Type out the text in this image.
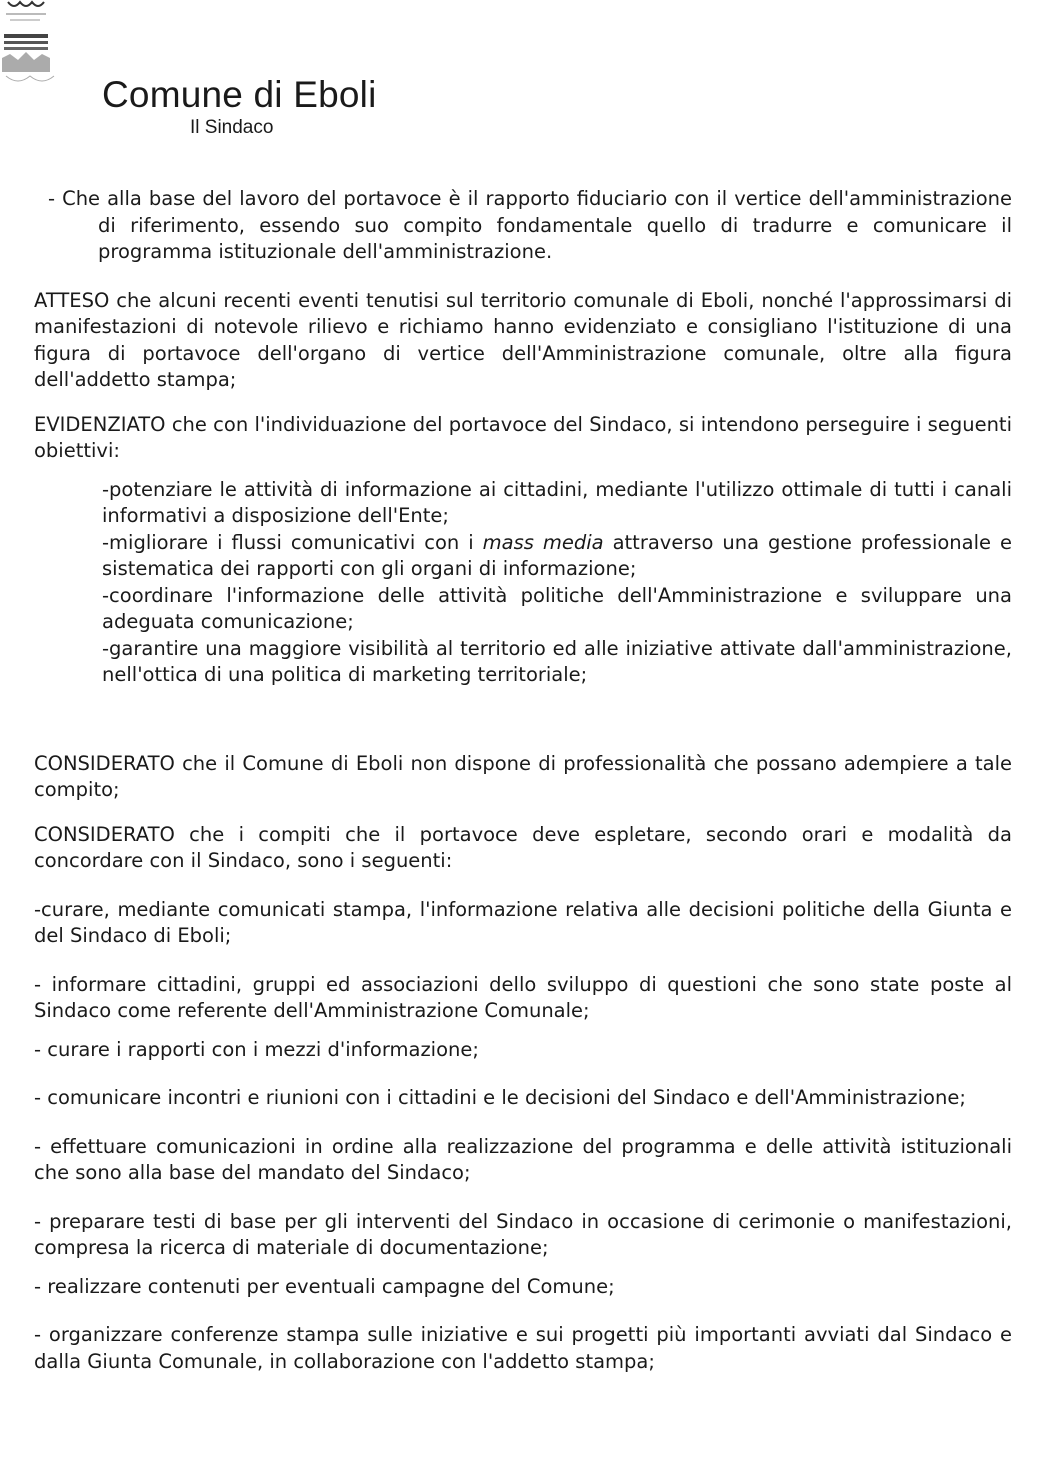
Comune di Eboli
Il Sindaco

- Che alla base del lavoro del portavoce è il rapporto fiduciario con il vertice dell'amministrazione di riferimento, essendo suo compito fondamentale quello di tradurre e comunicare il programma istituzionale dell'amministrazione.

ATTESO che alcuni recenti eventi tenutisi sul territorio comunale di Eboli, nonché l'approssimarsi di manifestazioni di notevole rilievo e richiamo hanno evidenziato e consigliano l'istituzione di una figura di portavoce dell'organo di vertice dell'Amministrazione comunale, oltre alla figura dell'addetto stampa;

EVIDENZIATO che con l'individuazione del portavoce del Sindaco, si intendono perseguire i seguenti obiettivi:

-potenziare le attività di informazione ai cittadini, mediante l'utilizzo ottimale di tutti i canali informativi a disposizione dell'Ente;
-migliorare i flussi comunicativi con i mass media attraverso una gestione professionale e sistematica dei rapporti con gli organi di informazione;
-coordinare l'informazione delle attività politiche dell'Amministrazione e sviluppare una adeguata comunicazione;
-garantire una maggiore visibilità al territorio ed alle iniziative attivate dall'amministrazione, nell'ottica di una politica di marketing territoriale;

CONSIDERATO che il Comune di Eboli non dispone di professionalità che possano adempiere a tale compito;

CONSIDERATO che i compiti che il portavoce deve espletare, secondo orari e modalità da concordare con il Sindaco, sono i seguenti:

-curare, mediante comunicati stampa, l'informazione relativa alle decisioni politiche della Giunta e del Sindaco di Eboli;

- informare cittadini, gruppi ed associazioni dello sviluppo di questioni che sono state poste al Sindaco come referente dell'Amministrazione Comunale;

- curare i rapporti con i mezzi d'informazione;

- comunicare incontri e riunioni con i cittadini e le decisioni del Sindaco e dell'Amministrazione;

- effettuare comunicazioni in ordine alla realizzazione del programma e delle attività istituzionali che sono alla base del mandato del Sindaco;

- preparare testi di base per gli interventi del Sindaco in occasione di cerimonie o manifestazioni, compresa la ricerca di materiale di documentazione;

- realizzare contenuti per eventuali campagne del Comune;

- organizzare conferenze stampa sulle iniziative e sui progetti più importanti avviati dal Sindaco e dalla Giunta Comunale, in collaborazione con l'addetto stampa;
